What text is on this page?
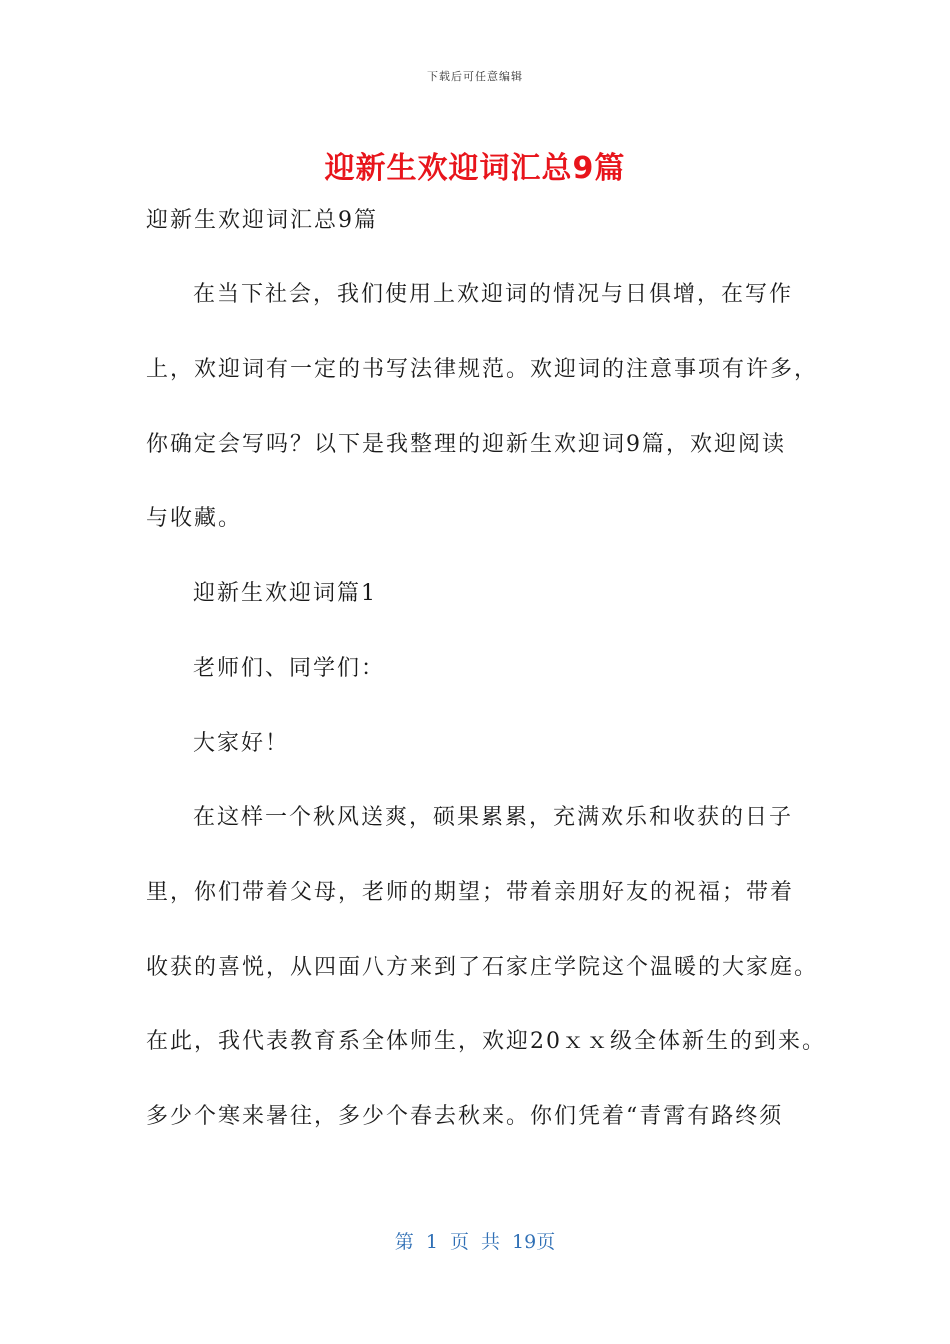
下载后可任意编辑
迎新生欢迎词汇总9篇
迎新生欢迎词汇总9篇
在当下社会，我们使用上欢迎词的情况与日俱增，在写作
上，欢迎词有一定的书写法律规范。欢迎词的注意事项有许多，
你确定会写吗？以下是我整理的迎新生欢迎词9篇，欢迎阅读
与收藏。
迎新生欢迎词篇1
老师们、同学们：
大家好！
在这样一个秋风送爽，硕果累累，充满欢乐和收获的日子
里，你们带着父母，老师的期望；带着亲朋好友的祝福；带着
收获的喜悦，从四面八方来到了石家庄学院这个温暖的大家庭。
在此，我代表教育系全体师生，欢迎20ｘｘ级全体新生的到来。
多少个寒来暑往，多少个春去秋来。你们凭着“青霄有路终须
第 1 页 共 19页
